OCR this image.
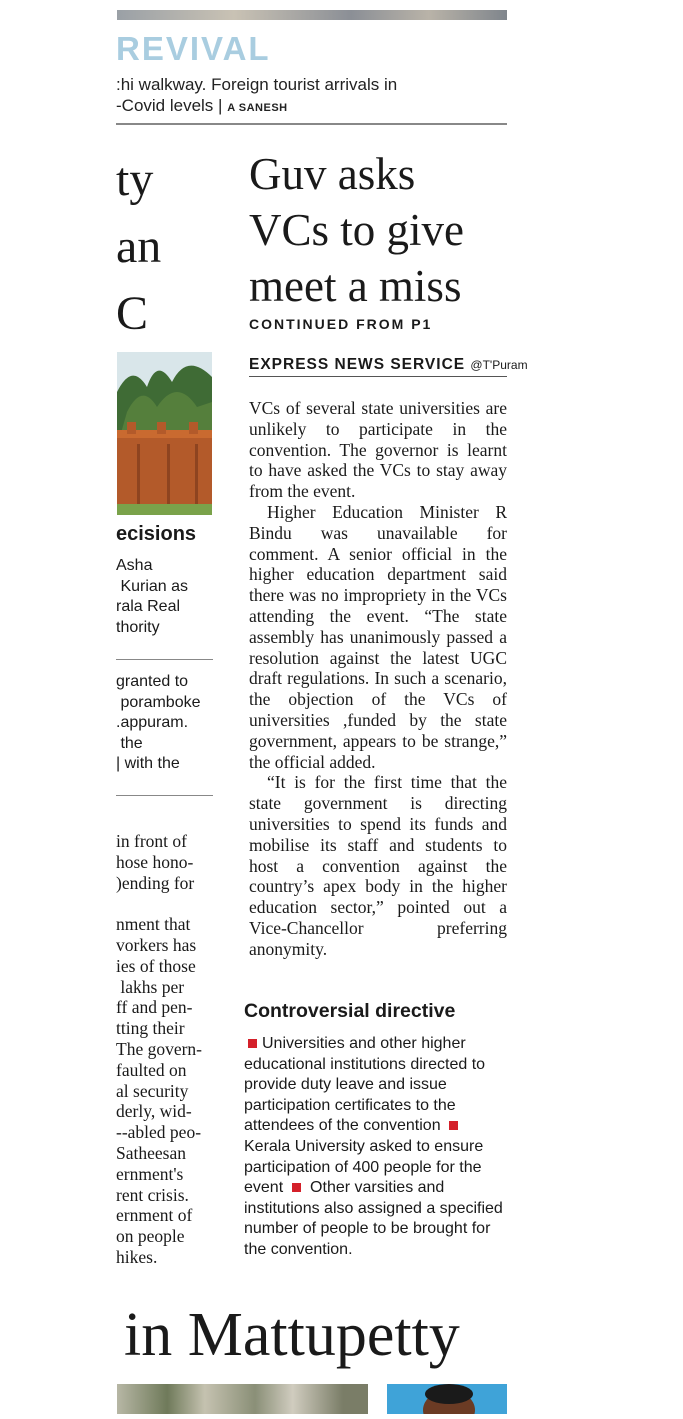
REVIVAL
:hi walkway. Foreign tourist arrivals in
-Covid levels | A SANESH
ty
an
C
ecisions
Asha
Kurian as
rala Real
thority
granted to
poramboke
.appuram.
the
| with the
in front of
hose hono-
)ending for

nment that
vorkers has
ies of those
lakhs per
ff and pen-
tting their
The govern-
faulted on
al security
derly, wid-
--abled peo-
Satheesan
ernment's
rent crisis.
ernment of
on people
hikes.
Guv asks
VCs to give
meet a miss
CONTINUED FROM P1
EXPRESS NEWS SERVICE @T'Puram

VCs of several state universities are unlikely to participate in the convention. The governor is learnt to have asked the VCs to stay away from the event.

Higher Education Minister R Bindu was unavailable for comment. A senior official in the higher education department said there was no impropriety in the VCs attending the event. “The state assembly has unanimously passed a resolution against the latest UGC draft regulations. In such a scenario, the objection of the VCs of universities ,funded by the state government, appears to be strange,” the official added.

“It is for the first time that the state government is directing universities to spend its funds and mobilise its staff and students to host a convention against the country’s apex body in the higher education sector,” pointed out a Vice-Chancellor preferring anonymity.

Controversial directive
Universities and other higher educational institutions directed to provide duty leave and issue participation certificates to the attendees of the convention  Kerala University asked to ensure participation of 400 people for the event Other varsities and institutions also assigned a specified number of people to be brought for the convention.
in Mattupetty
